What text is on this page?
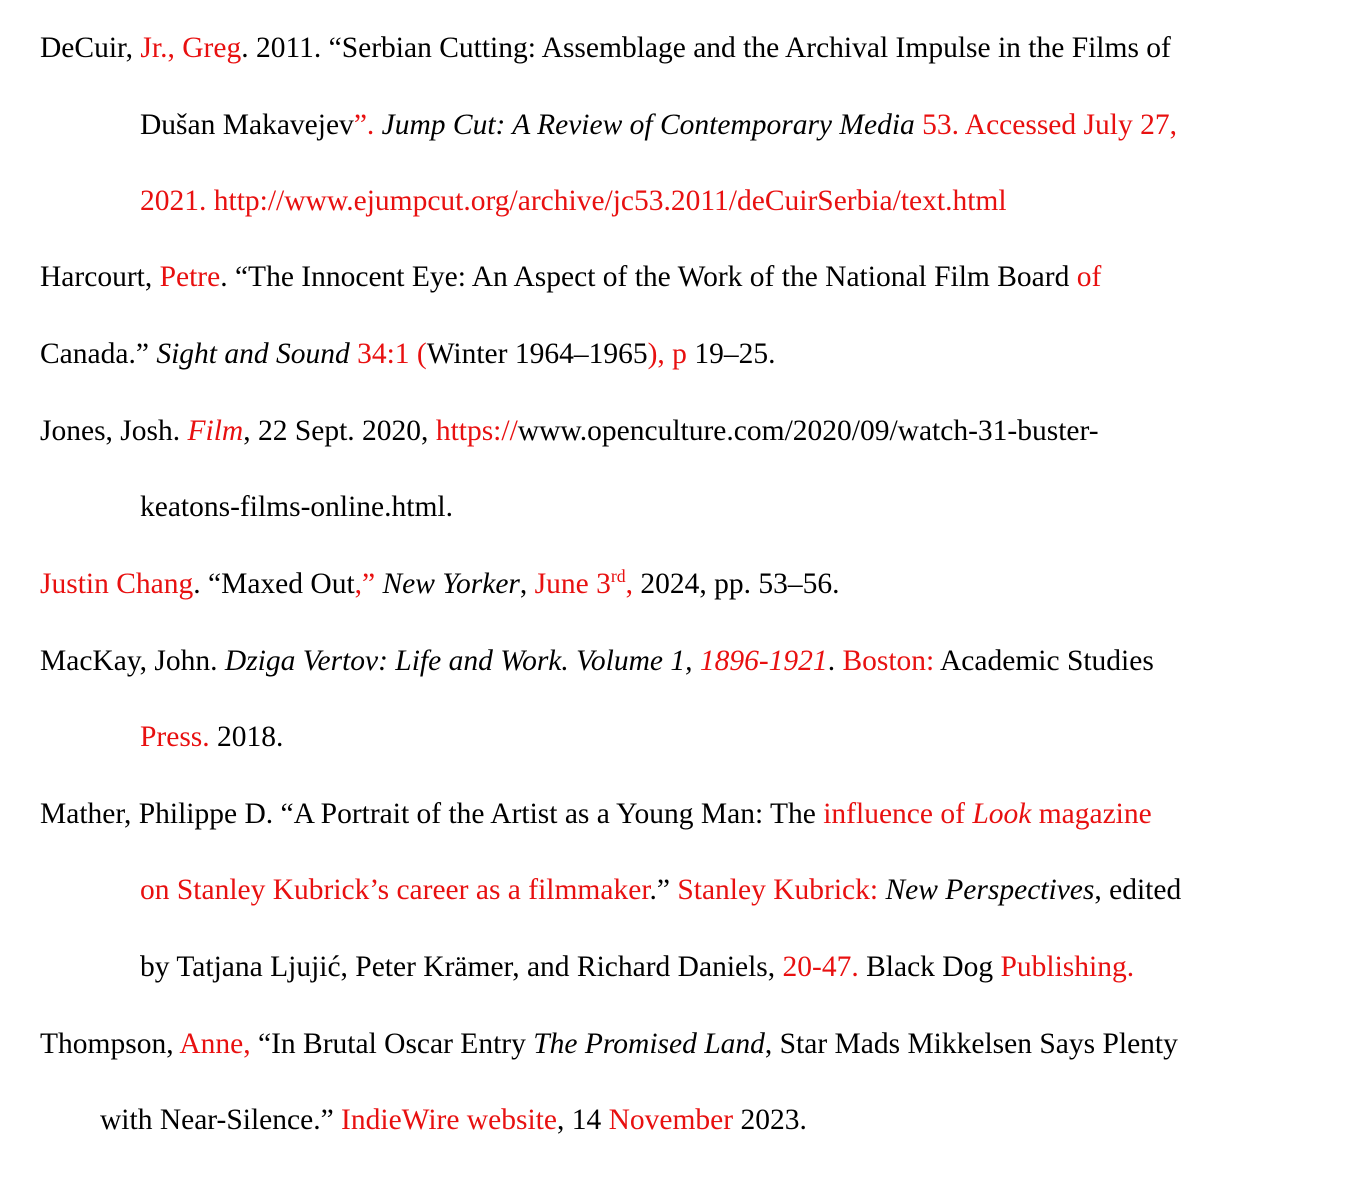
DeCuir, Jr., Greg. 2011. “Serbian Cutting: Assemblage and the Archival Impulse in the Films of
Dušan Makavejev”. Jump Cut: A Review of Contemporary Media 53. Accessed July 27,
2021. http://www.ejumpcut.org/archive/jc53.2011/deCuirSerbia/text.html
Harcourt, Petre. “The Innocent Eye: An Aspect of the Work of the National Film Board of
Canada.” Sight and Sound 34:1 (Winter 1964–1965), p 19–25.
Jones, Josh. Film, 22 Sept. 2020, https://www.openculture.com/2020/09/watch-31-buster-
keatons-films-online.html.
Justin Chang. “Maxed Out,” New Yorker, June 3rd, 2024, pp. 53–56.
MacKay, John. Dziga Vertov: Life and Work. Volume 1, 1896-1921. Boston: Academic Studies
Press. 2018.
Mather, Philippe D. “A Portrait of the Artist as a Young Man: The influence of Look magazine
on Stanley Kubrick’s career as a filmmaker.” Stanley Kubrick: New Perspectives, edited
by Tatjana Ljujić, Peter Krämer, and Richard Daniels, 20-47. Black Dog Publishing.
Thompson, Anne, “In Brutal Oscar Entry The Promised Land, Star Mads Mikkelsen Says Plenty
with Near-Silence.” IndieWire website, 14 November 2023.
